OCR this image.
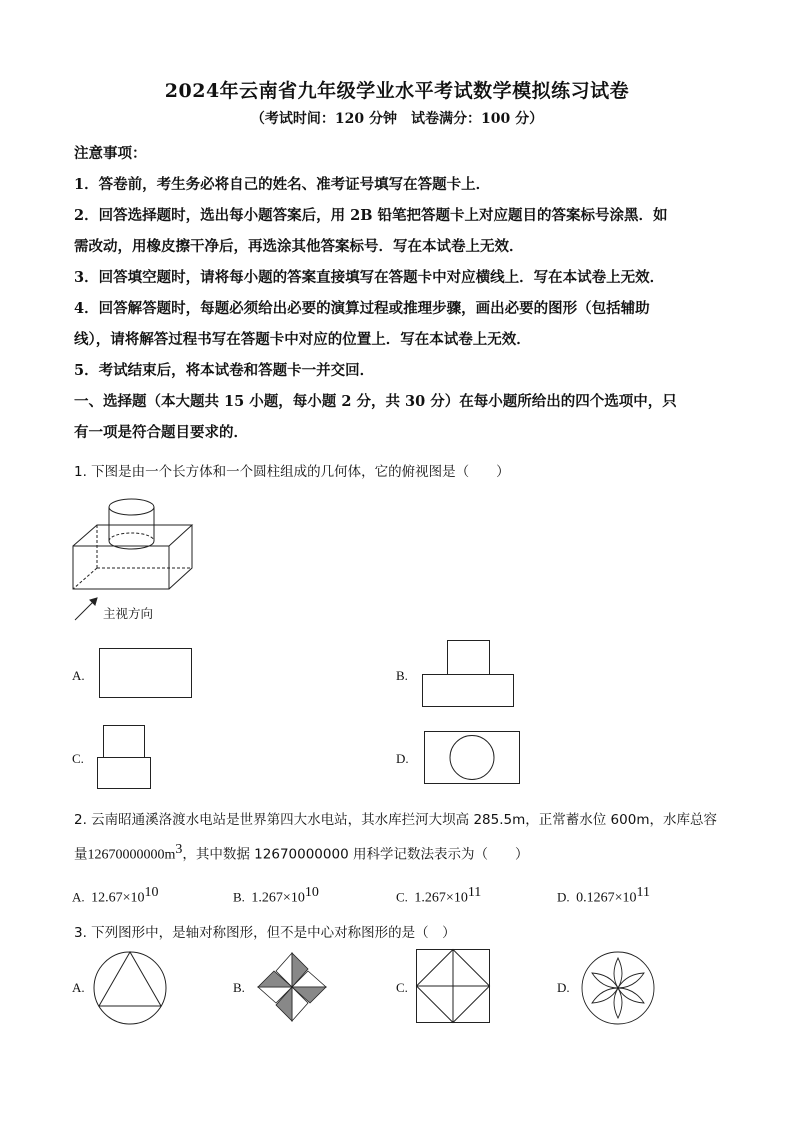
2024年云南省九年级学业水平考试数学模拟练习试卷
（考试时间：120 分钟　试卷满分：100 分）
注意事项：
1．答卷前，考生务必将自己的姓名、准考证号填写在答题卡上．
2．回答选择题时，选出每小题答案后，用 2B 铅笔把答题卡上对应题目的答案标号涂黑．如
需改动，用橡皮擦干净后，再选涂其他答案标号．写在本试卷上无效．
3．回答填空题时，请将每小题的答案直接填写在答题卡中对应横线上．写在本试卷上无效．
4．回答解答题时，每题必须给出必要的演算过程或推理步骤，画出必要的图形（包括辅助
线），请将解答过程书写在答题卡中对应的位置上．写在本试卷上无效．
5．考试结束后，将本试卷和答题卡一并交回．
一、选择题（本大题共 15 小题，每小题 2 分，共 30 分）在每小题所给出的四个选项中，只
有一项是符合题目要求的．
1. 下图是由一个长方体和一个圆柱组成的几何体，它的俯视图是（　　）
主视方向
A.	B.
C.	D.
2. 云南昭通溪洛渡水电站是世界第四大水电站，其水库拦河大坝高 285.5m，正常蓄水位 600m，水库总容
量$12670000000m^3$，其中数据 12670000000 用科学记数法表示为（　　）
A. $12.67\times 10^{10}$	B. $1.267\times 10^{10}$	C. $1.267\times 10^{11}$	D. $0.1267\times 10^{11}$
3. 下列图形中，是轴对称图形，但不是中心对称图形的是（　）
A.	B.	C.	D.
